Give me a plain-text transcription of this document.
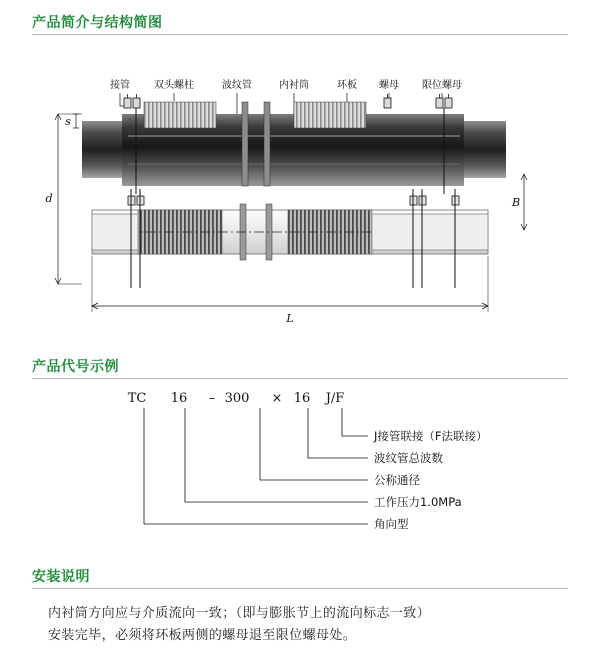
产品简介与结构简图
接管 双头螺柱	波纹管	内衬筒	环板 螺母 限位螺母
s
d	B
L
产品代号示例
TC 16 – 300 × 16 J/F
J接管联接（F法联接）
波纹管总波数
公称通径
工作压力1.0MPa
角向型
安装说明
内衬筒方向应与介质流向一致；（即与膨胀节上的流向标志一致）
安装完毕，必须将环板两侧的螺母退至限位螺母处。
